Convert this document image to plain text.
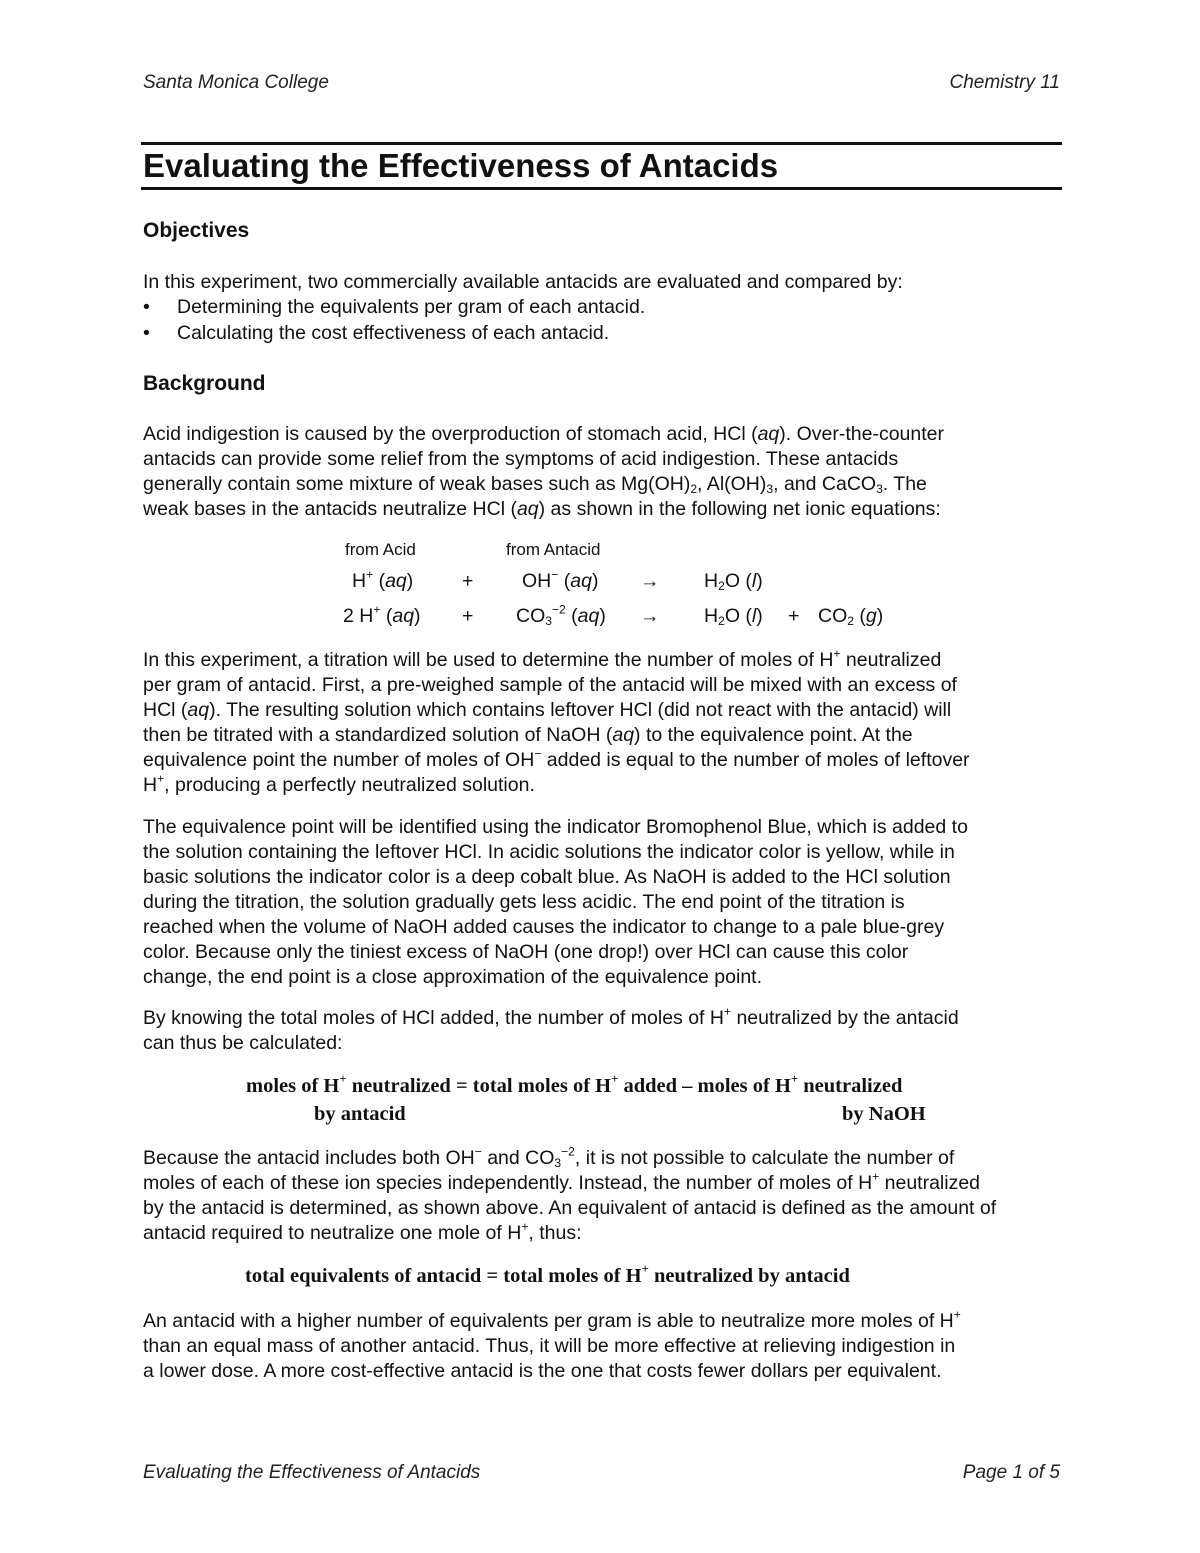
Santa Monica College	Chemistry 11
Evaluating the Effectiveness of Antacids
Objectives

In this experiment, two commercially available antacids are evaluated and compared by:

• Determining the equivalents per gram of each antacid.
• Calculating the cost effectiveness of each antacid.
Background
Acid indigestion is caused by the overproduction of stomach acid, HCl (aq). Over-the-counter
antacids can provide some relief from the symptoms of acid indigestion. These antacids
generally contain some mixture of weak bases such as $Mg(OH)_2$, $Al(OH)_3$, and CaCO$_3$. The
weak bases in the antacids neutralize HCl (aq) as shown in the following net ionic equations:
from Acid	from Antacid
H+ (aq) + OH− $(aq) \to H_2O$ (l)
2 H+ $(aq) + CO_3^{-2}$ $(aq) \to H_2O$ $(l) + CO_2$ (g)
In this experiment, a titration will be used to determine the number of moles of H+ neutralized
per gram of antacid. First, a pre-weighed sample of the antacid will be mixed with an excess of
HCl (aq). The resulting solution which contains leftover HCl (did not react with the antacid) will
then be titrated with a standardized solution of NaOH (aq) to the equivalence point. At the
equivalence point the number of moles of OH− added is equal to the number of moles of leftover
H+, producing a perfectly neutralized solution.
The equivalence point will be identified using the indicator Bromophenol Blue, which is added to
the solution containing the leftover HCl. In acidic solutions the indicator color is yellow, while in
basic solutions the indicator color is a deep cobalt blue. As NaOH is added to the HCl solution
during the titration, the solution gradually gets less acidic. The end point of the titration is
reached when the volume of NaOH added causes the indicator to change to a pale blue-grey
color. Because only the tiniest excess of NaOH (one drop!) over HCl can cause this color
change, the end point is a close approximation of the equivalence point.
By knowing the total moles of HCl added, the number of moles of H+ neutralized by the antacid
can thus be calculated:
moles of H+ neutralized = total moles of H+ added – moles of H+ neutralized
by antacid	by NaOH
Because the antacid includes both OH− and $CO_3^{-2}$, it is not possible to calculate the number of
moles of each of these ion species independently. Instead, the number of moles of H+ neutralized
by the antacid is determined, as shown above. An equivalent of antacid is defined as the amount of
antacid required to neutralize one mole of H+, thus:
total equivalents of antacid = total moles of H+ neutralized by antacid
An antacid with a higher number of equivalents per gram is able to neutralize more moles of H+
than an equal mass of another antacid. Thus, it will be more effective at relieving indigestion in
a lower dose. A more cost-effective antacid is the one that costs fewer dollars per equivalent.
Evaluating the Effectiveness of Antacids	Page 1 of 5
